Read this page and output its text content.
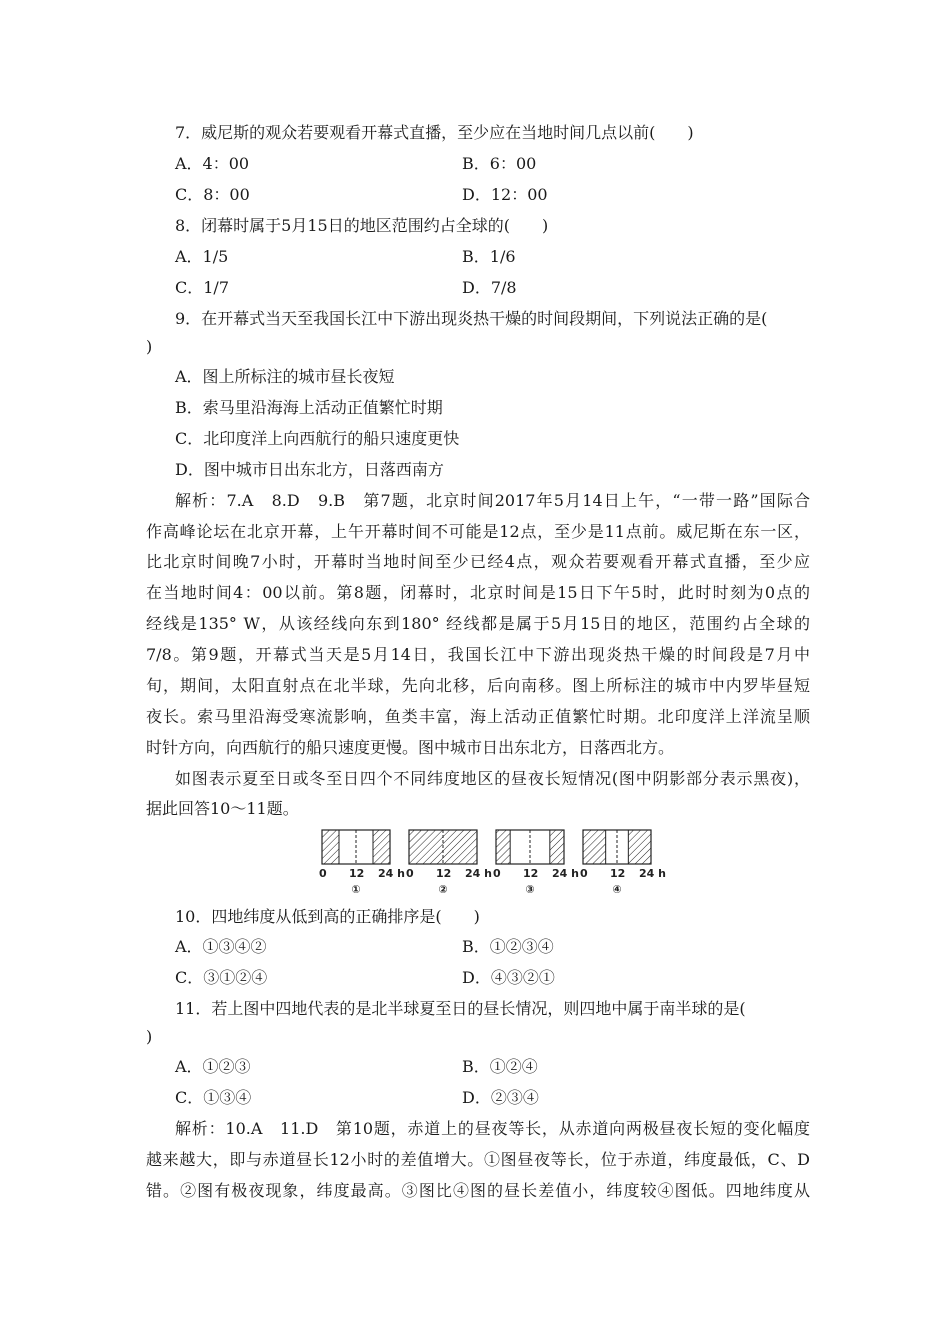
7．威尼斯的观众若要观看开幕式直播，至少应在当地时间几点以前(　　)
A．4：00	B．6：00
C．8：00	D．12：00
8．闭幕时属于5月15日的地区范围约占全球的(　　)
A．1/5	B．1/6
C．1/7	D．7/8
9．在开幕式当天至我国长江中下游出现炎热干燥的时间段期间，下列说法正确的是(
)
A．图上所标注的城市昼长夜短
B．索马里沿海海上活动正值繁忙时期
C．北印度洋上向西航行的船只速度更快
D．图中城市日出东北方，日落西南方
解析：7.A　8.D　9.B　第7题，北京时间2017年5月14日上午，“一带一路”国际合
作高峰论坛在北京开幕，上午开幕时间不可能是12点，至少是11点前。威尼斯在东一区，
比北京时间晚7小时，开幕时当地时间至少已经4点，观众若要观看开幕式直播，至少应
在当地时间4：00以前。第8题，闭幕时，北京时间是15日下午5时，此时时刻为0点的
经线是135° W，从该经线向东到180° 经线都是属于5月15日的地区，范围约占全球的
7/8。第9题，开幕式当天是5月14日，我国长江中下游出现炎热干燥的时间段是7月中
旬，期间，太阳直射点在北半球，先向北移，后向南移。图上所标注的城市中内罗毕昼短
夜长。索马里沿海受寒流影响，鱼类丰富，海上活动正值繁忙时期。北印度洋上洋流呈顺
时针方向，向西航行的船只速度更慢。图中城市日出东北方，日落西北方。
如图表示夏至日或冬至日四个不同纬度地区的昼夜长短情况(图中阴影部分表示黑夜)，
据此回答10～11题。
0 12 24 h
①
0 12 24 h
②
0 12 24 h
③
0 12 24 h
④
10．四地纬度从低到高的正确排序是(　　)
A．①③④②	B．①②③④
C．③①②④	D．④③②①
11．若上图中四地代表的是北半球夏至日的昼长情况，则四地中属于南半球的是(
)
A．①②③	B．①②④
C．①③④	D．②③④
解析：10.A　11.D　第10题，赤道上的昼夜等长，从赤道向两极昼夜长短的变化幅度
越来越大，即与赤道昼长12小时的差值增大。①图昼夜等长，位于赤道，纬度最低，C、D
错。②图有极夜现象，纬度最高。③图比④图的昼长差值小，纬度较④图低。四地纬度从
